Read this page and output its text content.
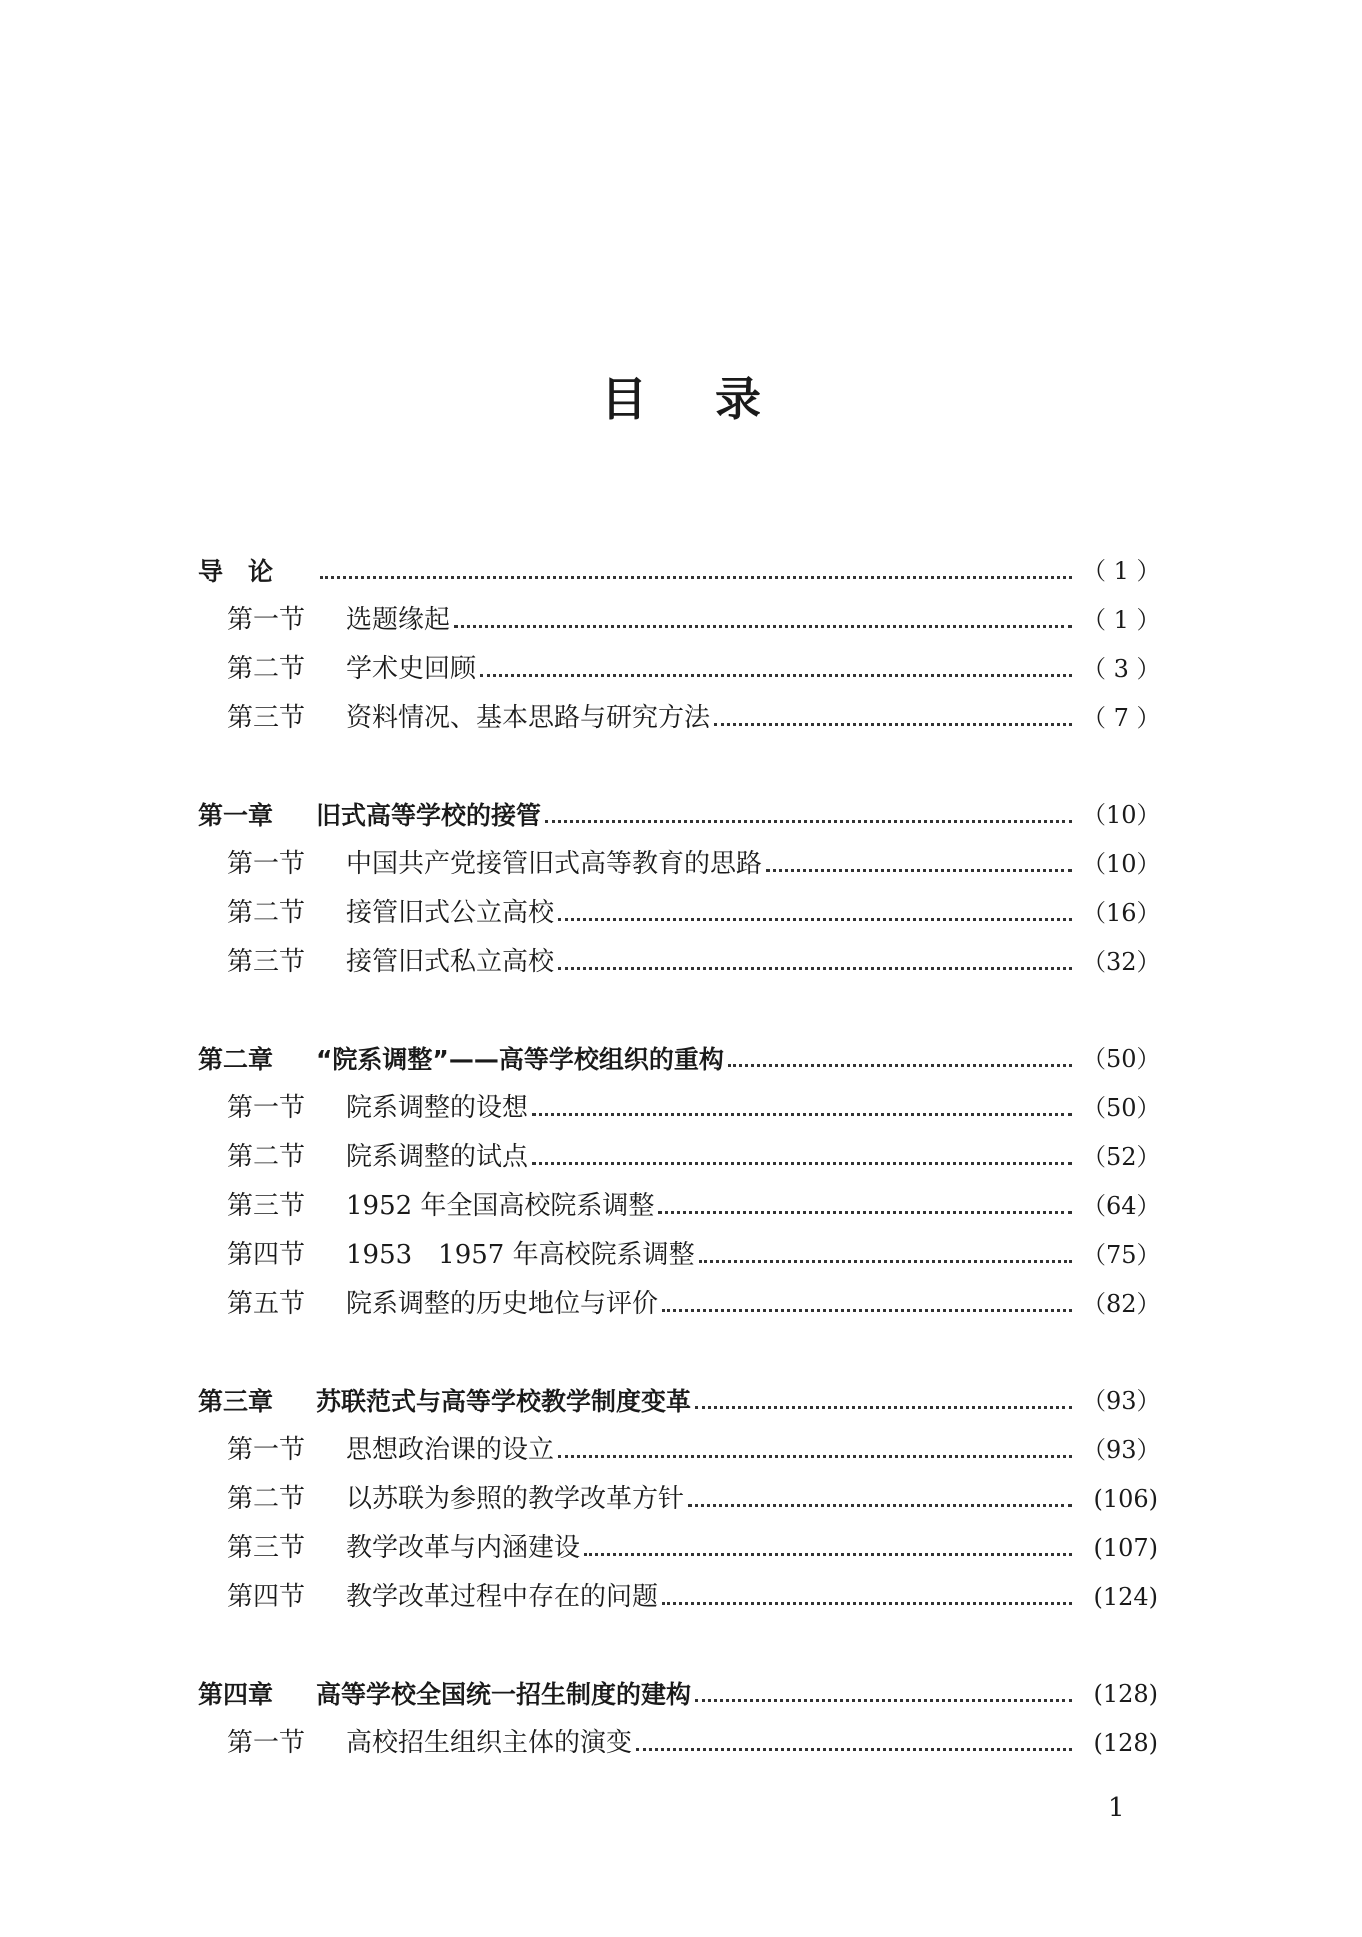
目 录
导　论	（ 1 ）
第一节	选题缘起	（ 1 ）
第二节	学术史回顾	（ 3 ）
第三节	资料情况、基本思路与研究方法	（ 7 ）
第一章	旧式高等学校的接管	（10）
第一节	中国共产党接管旧式高等教育的思路	（10）
第二节	接管旧式公立高校	（16）
第三节	接管旧式私立高校	（32）
第二章	“院系调整”——高等学校组织的重构	（50）
第一节	院系调整的设想	（50）
第二节	院系调整的试点	（52）
第三节	1952 年全国高校院系调整	（64）
第四节	1953　1957 年高校院系调整	（75）
第五节	院系调整的历史地位与评价	（82）
第三章	苏联范式与高等学校教学制度变革	（93）
第一节	思想政治课的设立	（93）
第二节	以苏联为参照的教学改革方针	(106)
第三节	教学改革与内涵建设	(107)
第四节	教学改革过程中存在的问题	(124)
第四章	高等学校全国统一招生制度的建构	(128)
第一节	高校招生组织主体的演变	(128)
1
